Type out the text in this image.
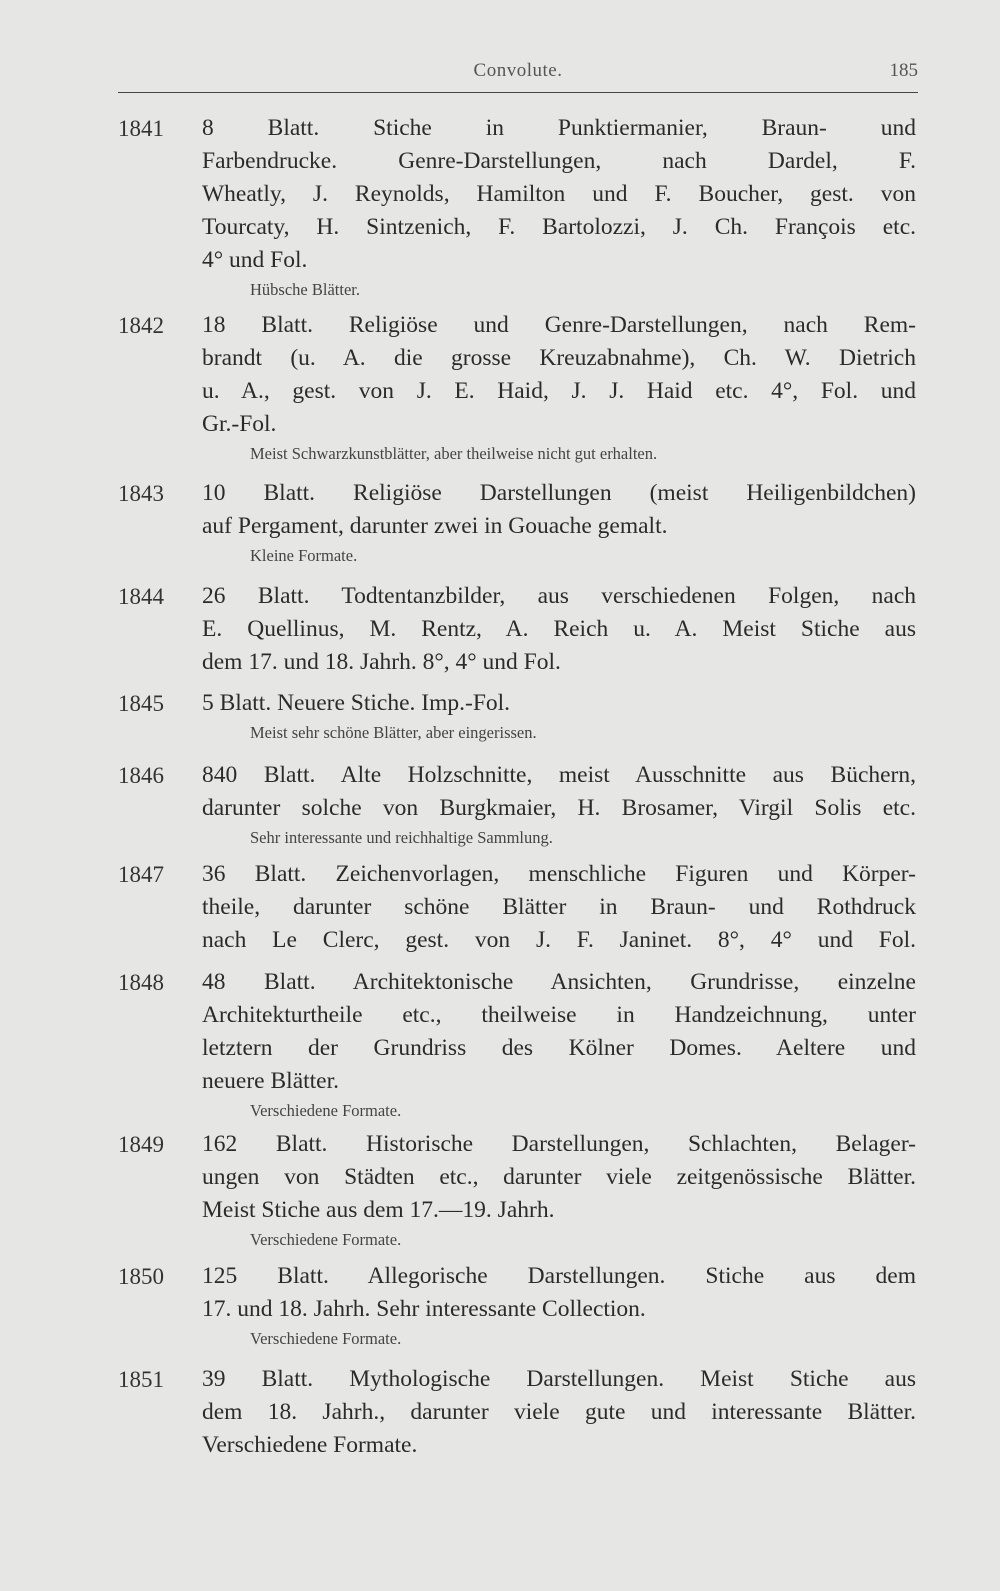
Convolute.	185
1841 8 Blatt. Stiche in Punktiermanier, Braun- und
Farbendrucke. Genre-Darstellungen, nach Dardel, F.
Wheatly, J. Reynolds, Hamilton und F. Boucher, gest. von
Tourcaty, H. Sintzenich, F. Bartolozzi, J. Ch. François etc.
4° und Fol.
Hübsche Blätter.
1842 18 Blatt. Religiöse und Genre-Darstellungen, nach Rem-
brandt (u. A. die grosse Kreuzabnahme), Ch. W. Dietrich
u. A., gest. von J. E. Haid, J. J. Haid etc. 4°, Fol. und
Gr.-Fol.
Meist Schwarzkunstblätter, aber theilweise nicht gut erhalten.
1843 10 Blatt. Religiöse Darstellungen (meist Heiligenbildchen)
auf Pergament, darunter zwei in Gouache gemalt.
Kleine Formate.
1844 26 Blatt. Todtentanzbilder, aus verschiedenen Folgen, nach
E. Quellinus, M. Rentz, A. Reich u. A. Meist Stiche aus
dem 17. und 18. Jahrh. 8°, 4° und Fol.
1845 5 Blatt. Neuere Stiche. Imp.-Fol.
Meist sehr schöne Blätter, aber eingerissen.
1846 840 Blatt. Alte Holzschnitte, meist Ausschnitte aus Büchern,
darunter solche von Burgkmaier, H. Brosamer, Virgil Solis etc.
Sehr interessante und reichhaltige Sammlung.
1847 36 Blatt. Zeichenvorlagen, menschliche Figuren und Körper-
theile, darunter schöne Blätter in Braun- und Rothdruck
nach Le Clerc, gest. von J. F. Janinet. 8°, 4° und Fol.
1848 48 Blatt. Architektonische Ansichten, Grundrisse, einzelne
Architekturtheile etc., theilweise in Handzeichnung, unter
letztern der Grundriss des Kölner Domes. Aeltere und
neuere Blätter.
Verschiedene Formate.
1849 162 Blatt. Historische Darstellungen, Schlachten, Belager-
ungen von Städten etc., darunter viele zeitgenössische Blätter.
Meist Stiche aus dem 17.—19. Jahrh.
Verschiedene Formate.
1850 125 Blatt. Allegorische Darstellungen. Stiche aus dem
17. und 18. Jahrh. Sehr interessante Collection.
Verschiedene Formate.
1851 39 Blatt. Mythologische Darstellungen. Meist Stiche aus
dem 18. Jahrh., darunter viele gute und interessante Blätter.
Verschiedene Formate.
